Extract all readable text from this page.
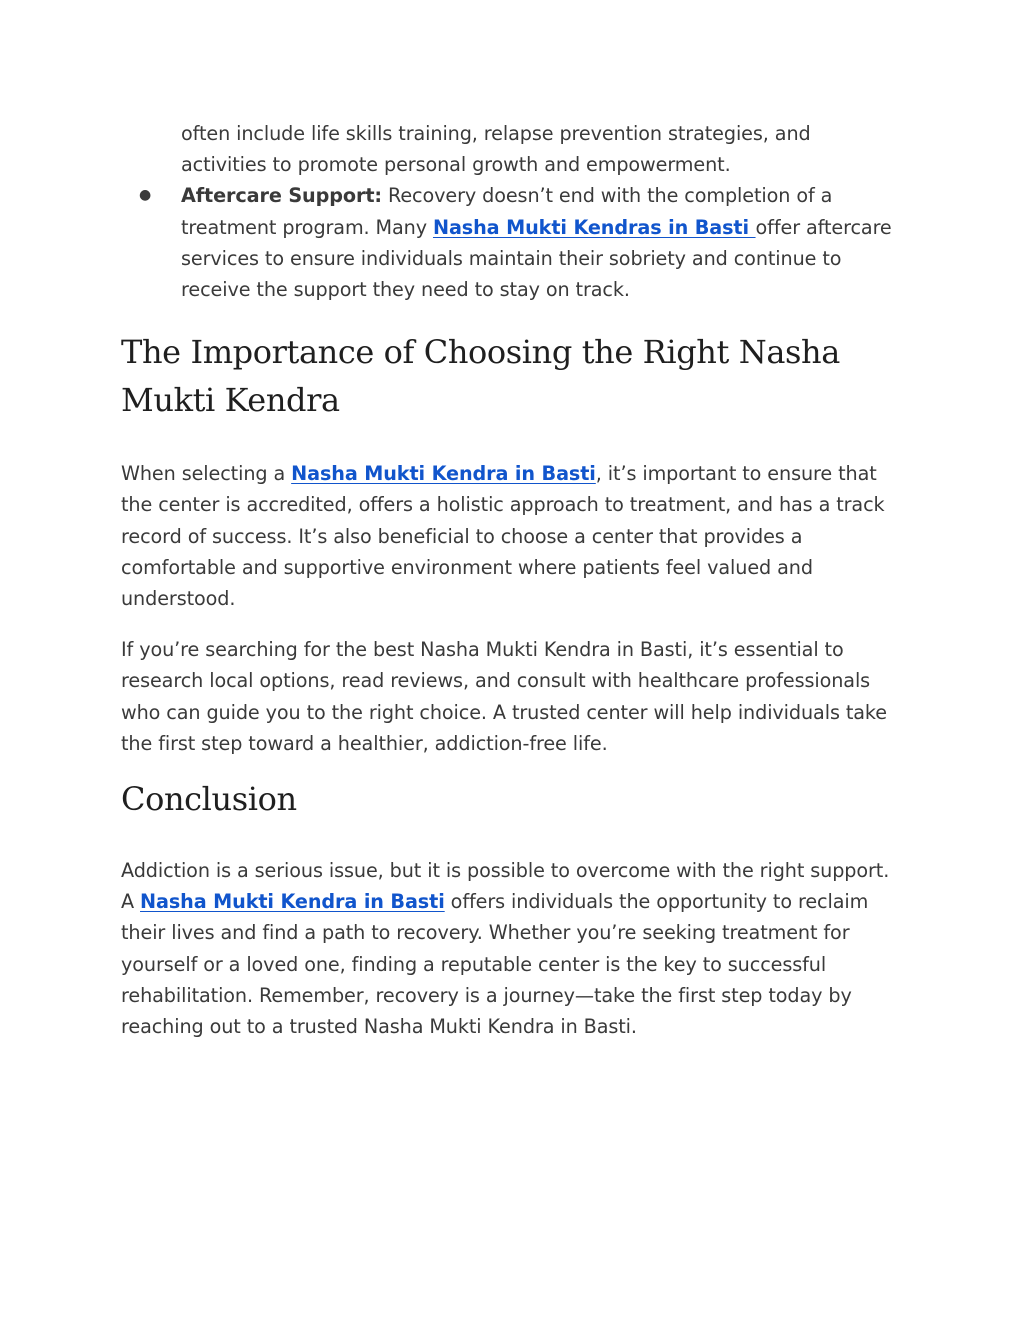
often include life skills training, relapse prevention strategies, and activities to promote personal growth and empowerment.

● Aftercare Support: Recovery doesn’t end with the completion of a treatment program. Many Nasha Mukti Kendras in Basti offer aftercare services to ensure individuals maintain their sobriety and continue to receive the support they need to stay on track.

The Importance of Choosing the Right Nasha Mukti Kendra

When selecting a Nasha Mukti Kendra in Basti, it’s important to ensure that the center is accredited, offers a holistic approach to treatment, and has a track record of success. It’s also beneficial to choose a center that provides a comfortable and supportive environment where patients feel valued and understood.

If you’re searching for the best Nasha Mukti Kendra in Basti, it’s essential to research local options, read reviews, and consult with healthcare professionals who can guide you to the right choice. A trusted center will help individuals take the first step toward a healthier, addiction-free life.

Conclusion

Addiction is a serious issue, but it is possible to overcome with the right support. A Nasha Mukti Kendra in Basti offers individuals the opportunity to reclaim their lives and find a path to recovery. Whether you’re seeking treatment for yourself or a loved one, finding a reputable center is the key to successful rehabilitation. Remember, recovery is a journey—take the first step today by reaching out to a trusted Nasha Mukti Kendra in Basti.
